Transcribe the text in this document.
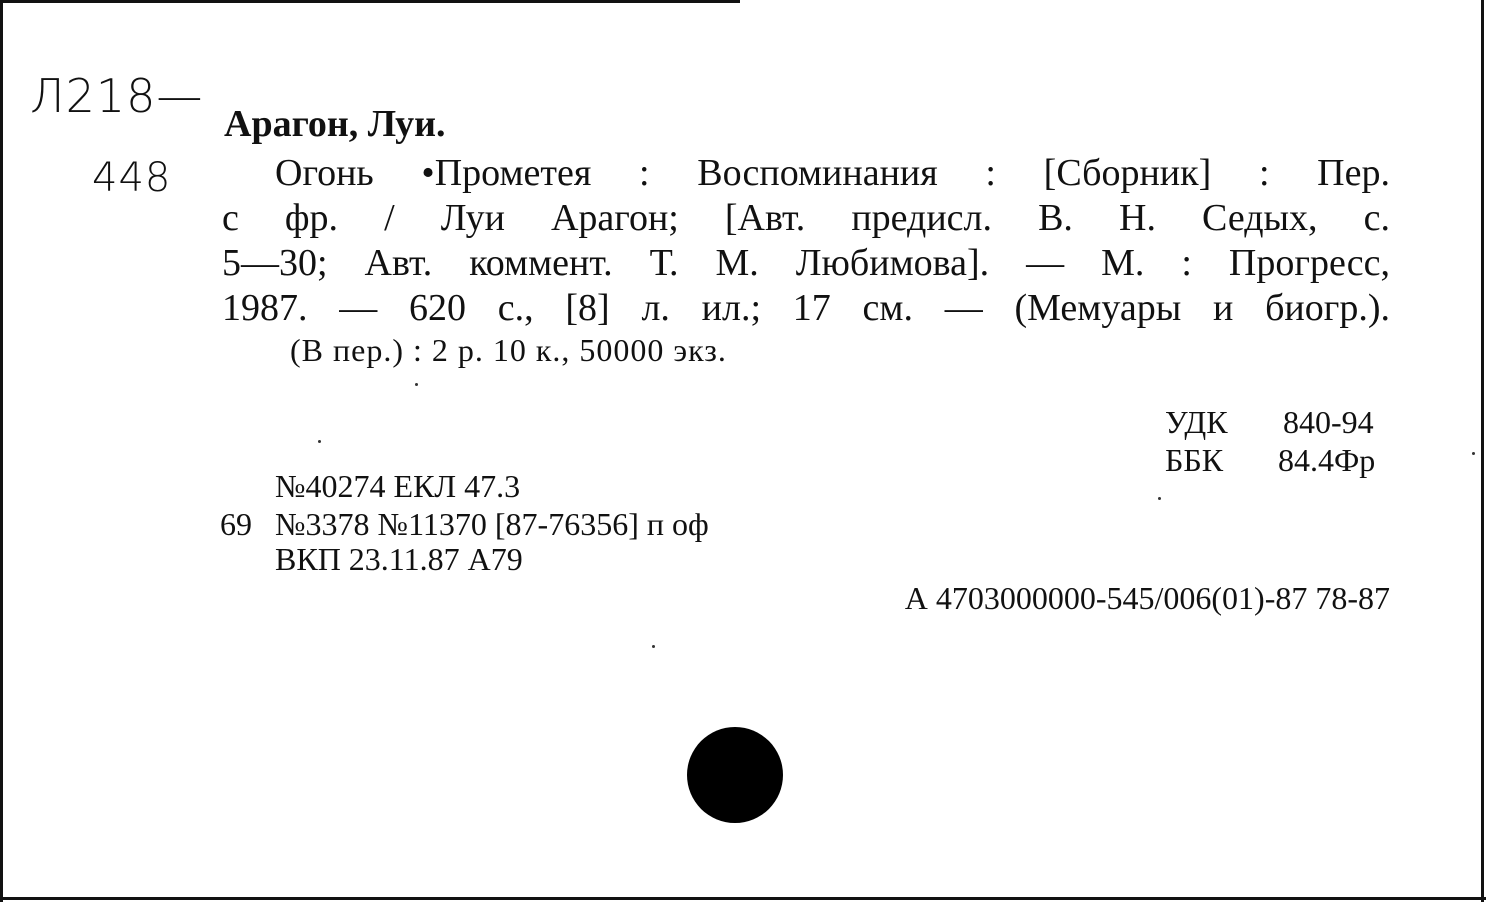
Л218—
448
Арагон, Луи.
Огонь •Прометея : Воспоминания : [Сборник] : Пер.
с фр. / Луи Арагон; [Авт. предисл. В. Н. Седых, с.
5—30; Авт. коммент. Т. М. Любимова]. — М. : Прогресс,
1987. — 620 с., [8] л. ил.; 17 см. — (Мемуары и биогр.).
(В пер.) : 2 р. 10 к., 50000 экз.
УДК 840-94
ББК 84.4Фр
№40274 ЕКЛ 47.3
69 №3378 №11370 [87-76356] п оф
ВКП 23.11.87 А79
А 4703000000-545/006(01)-87 78-87
